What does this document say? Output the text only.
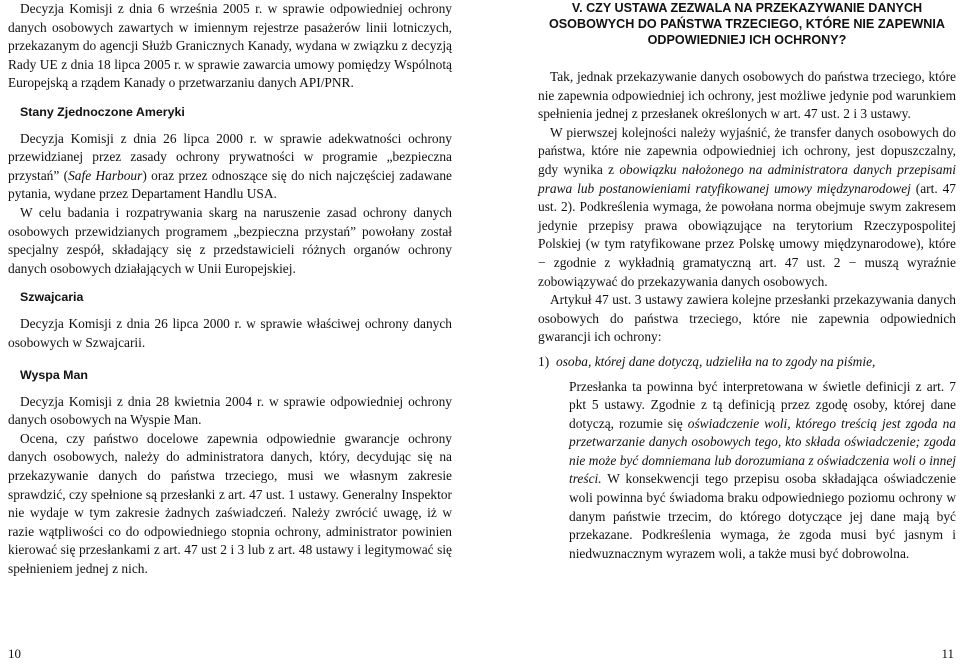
Decyzja Komisji z dnia 6 września 2005 r. w sprawie odpowiedniej ochrony danych osobowych zawartych w imiennym rejestrze pasażerów linii lotniczych, przekazanym do agencji Służb Granicznych Kanady, wydana w związku z decyzją Rady UE z dnia 18 lipca 2005 r. w sprawie zawarcia umowy pomiędzy Wspólnotą Europejską a rządem Kanady o przetwarzaniu danych API/PNR.

Stany Zjednoczone Ameryki

Decyzja Komisji z dnia 26 lipca 2000 r. w sprawie adekwatności ochrony przewidzianej przez zasady ochrony prywatności w programie „bezpieczna przystań” (Safe Harbour) oraz przez odnoszące się do nich najczęściej zadawane pytania, wydane przez Departament Handlu USA.

W celu badania i rozpatrywania skarg na naruszenie zasad ochrony danych osobowych przewidzianych programem „bezpieczna przystań” powołany został specjalny zespół, składający się z przedstawicieli różnych organów ochrony danych osobowych działających w Unii Europejskiej.

Szwajcaria

Decyzja Komisji z dnia 26 lipca 2000 r. w sprawie właściwej ochrony danych osobowych w Szwajcarii.

Wyspa Man

Decyzja Komisji z dnia 28 kwietnia 2004 r. w sprawie odpowiedniej ochrony danych osobowych na Wyspie Man.

Ocena, czy państwo docelowe zapewnia odpowiednie gwarancje ochrony danych osobowych, należy do administratora danych, który, decydując się na przekazywanie danych do państwa trzeciego, musi we własnym zakresie sprawdzić, czy spełnione są przesłanki z art. 47 ust. 1 ustawy. Generalny Inspektor nie wydaje w tym zakresie żadnych zaświadczeń. Należy zwrócić uwagę, iż w razie wątpliwości co do odpowiedniego stopnia ochrony, administrator powinien kierować się przesłankami z art. 47 ust 2 i 3 lub z art. 48 ustawy i legitymować się spełnieniem jednej z nich.

V. CZY USTAWA ZEZWALA NA PRZEKAZYWANIE DANYCH OSOBOWYCH DO PAŃSTWA TRZECIEGO, KTÓRE NIE ZAPEWNIA ODPOWIEDNIEJ ICH OCHRONY?

Tak, jednak przekazywanie danych osobowych do państwa trzeciego, które nie zapewnia odpowiedniej ich ochrony, jest możliwe jedynie pod warunkiem spełnienia jednej z przesłanek określonych w art. 47 ust. 2 i 3 ustawy.

W pierwszej kolejności należy wyjaśnić, że transfer danych osobowych do państwa, które nie zapewnia odpowiedniej ich ochrony, jest dopuszczalny, gdy wynika z obowiązku nałożonego na administratora danych przepisami prawa lub postanowieniami ratyfikowanej umowy międzynarodowej (art. 47 ust. 2). Podkreślenia wymaga, że powołana norma obejmuje swym zakresem jedynie przepisy prawa obowiązujące na terytorium Rzeczypospolitej Polskiej (w tym ratyfikowane przez Polskę umowy międzynarodowe), które − zgodnie z wykładnią gramatyczną art. 47 ust. 2 − muszą wyraźnie zobowiązywać do przekazywania danych osobowych.

Artykuł 47 ust. 3 ustawy zawiera kolejne przesłanki przekazywania danych osobowych do państwa trzeciego, które nie zapewnia odpowiednich gwarancji ich ochrony:

1) osoba, której dane dotyczą, udzieliła na to zgody na piśmie,

Przesłanka ta powinna być interpretowana w świetle definicji z art. 7 pkt 5 ustawy. Zgodnie z tą definicją przez zgodę osoby, której dane dotyczą, rozumie się oświadczenie woli, którego treścią jest zgoda na przetwarzanie danych osobowych tego, kto składa oświadczenie; zgoda nie może być domniemana lub dorozumiana z oświadczenia woli o innej treści. W konsekwencji tego przepisu osoba składająca oświadczenie woli powinna być świadoma braku odpowiedniego poziomu ochrony w danym państwie trzecim, do którego dotyczące jej dane mają być przekazane. Podkreślenia wymaga, że zgoda musi być jasnym i niedwuznacznym wyrazem woli, a także musi być dobrowolna.

10	11
